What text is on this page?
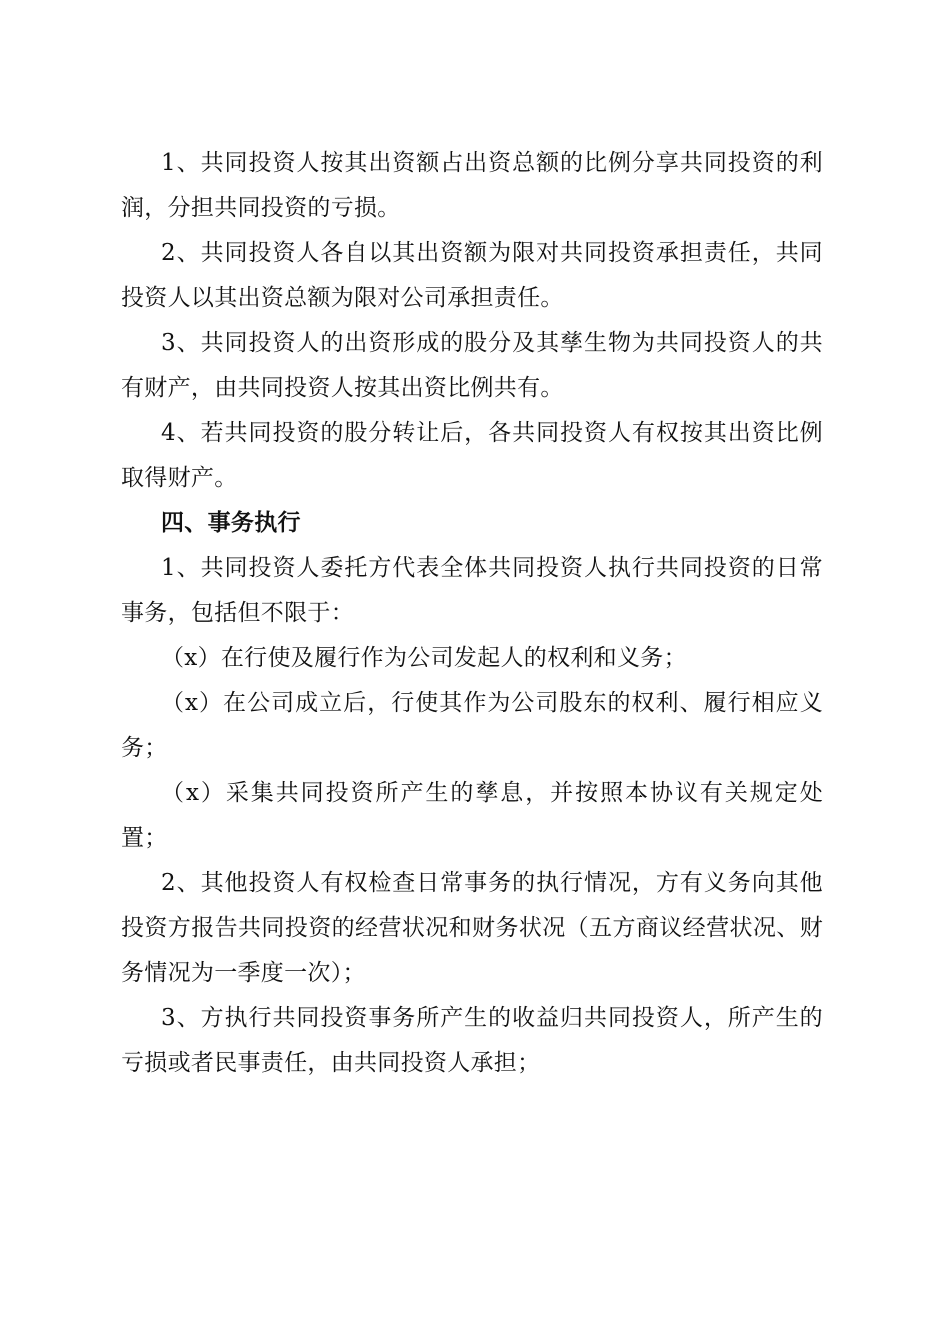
1、共同投资人按其出资额占出资总额的比例分享共同投资的利润，分担共同投资的亏损。

2、共同投资人各自以其出资额为限对共同投资承担责任，共同投资人以其出资总额为限对公司承担责任。

3、共同投资人的出资形成的股分及其孳生物为共同投资人的共有财产，由共同投资人按其出资比例共有。

4、若共同投资的股分转让后，各共同投资人有权按其出资比例取得财产。

四、事务执行

1、共同投资人委托方代表全体共同投资人执行共同投资的日常事务，包括但不限于：

（x）在行使及履行作为公司发起人的权利和义务；

（x）在公司成立后，行使其作为公司股东的权利、履行相应义务；

（x）采集共同投资所产生的孳息，并按照本协议有关规定处置；

2、其他投资人有权检查日常事务的执行情况，方有义务向其他投资方报告共同投资的经营状况和财务状况（五方商议经营状况、财务情况为一季度一次）；

3、方执行共同投资事务所产生的收益归共同投资人，所产生的亏损或者民事责任，由共同投资人承担；
